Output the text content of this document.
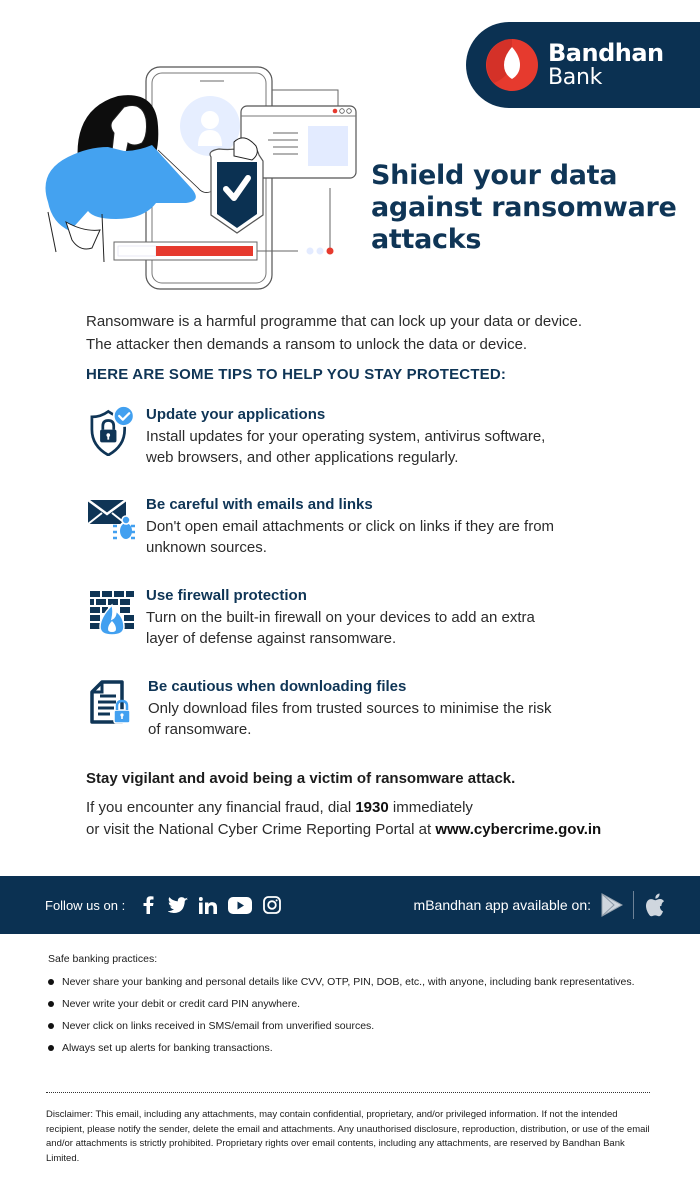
Bandhan
Bank
Shield your data against ransomware attacks

Ransomware is a harmful programme that can lock up your data or device.

The attacker then demands a ransom to unlock the data or device.

HERE ARE SOME TIPS TO HELP YOU STAY PROTECTED:

Update your applications
Install updates for your operating system, antivirus software, web browsers, and other applications regularly.
Be careful with emails and links
Don't open email attachments or click on links if they are from unknown sources.
Use firewall protection
Turn on the built-in firewall on your devices to add an extra layer of defense against ransomware.
Be cautious when downloading files
Only download files from trusted sources to minimise the risk of ransomware.

Stay vigilant and avoid being a victim of ransomware attack.

If you encounter any financial fraud, dial 1930 immediately
or visit the National Cyber Crime Reporting Portal at www.cybercrime.gov.in

Follow us on :	mBandhan app available on:

Safe banking practices:

Never share your banking and personal details like CVV, OTP, PIN, DOB, etc., with anyone, including bank representatives.
Never write your debit or credit card PIN anywhere.
Never click on links received in SMS/email from unverified sources.
Always set up alerts for banking transactions.

Disclaimer: This email, including any attachments, may contain confidential, proprietary, and/or privileged information. If not the intended recipient, please notify the sender, delete the email and attachments. Any unauthorised disclosure, reproduction, distribution, or use of the email and/or attachments is strictly prohibited. Proprietary rights over email contents, including any attachments, are reserved by Bandhan Bank Limited.
